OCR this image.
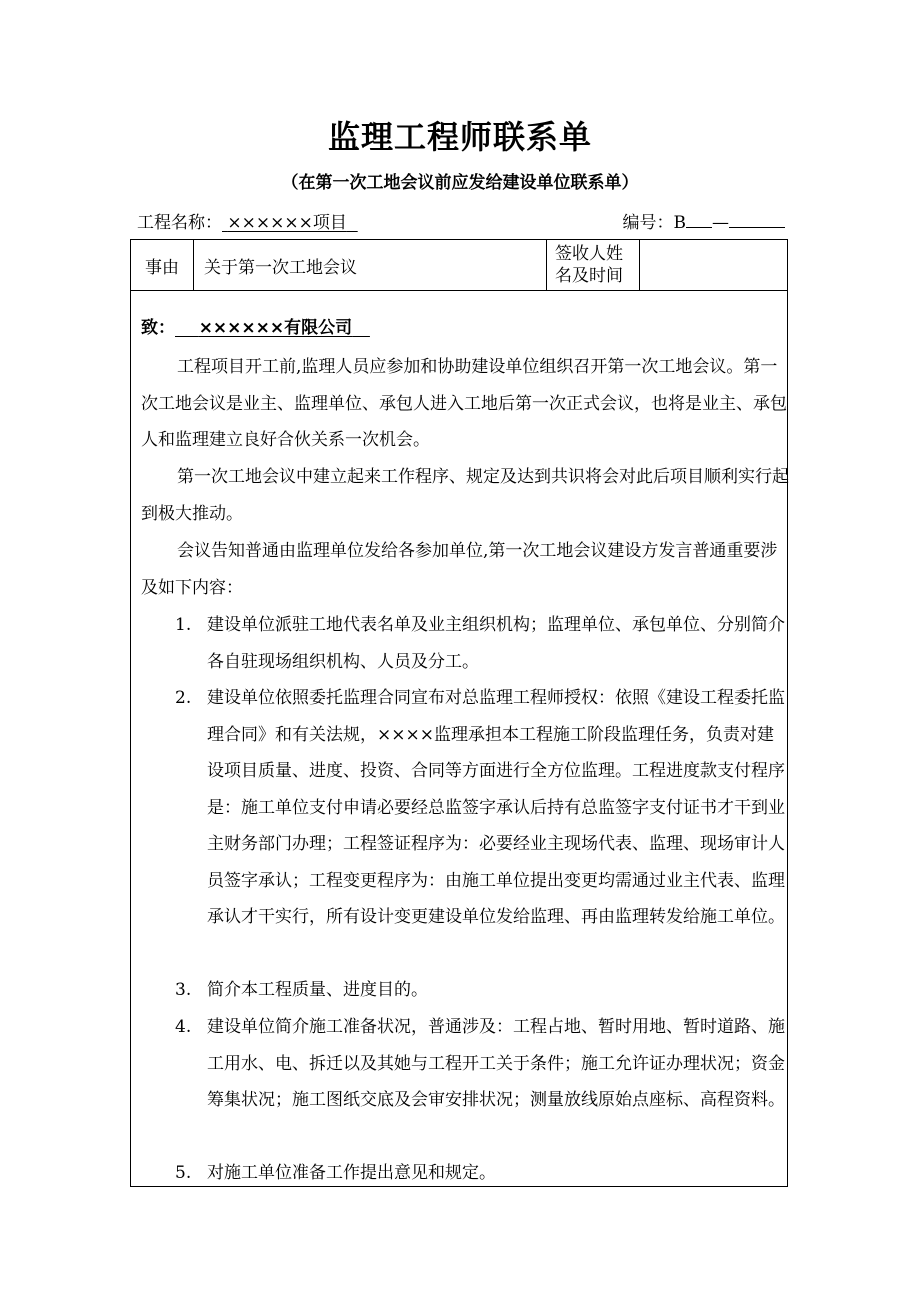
监理工程师联系单
（在第一次工地会议前应发给建设单位联系单）
工程名称： ××××××项目	编号：B —
事由	关于第一次工地会议
签收人姓
名及时间
致： ××××××有限公司
工程项目开工前,监理人员应参加和协助建设单位组织召开第一次工地会议。第一次工地会议是业主、监理单位、承包人进入工地后第一次正式会议，也将是业主、承包人和监理建立良好合伙关系一次机会。
第一次工地会议中建立起来工作程序、规定及达到共识将会对此后项目顺利实行起到极大推动。
会议告知普通由监理单位发给各参加单位,第一次工地会议建设方发言普通重要涉及如下内容：
1. 建设单位派驻工地代表名单及业主组织机构；监理单位、承包单位、分别简介各自驻现场组织机构、人员及分工。
2. 建设单位依照委托监理合同宣布对总监理工程师授权：依照《建设工程委托监理合同》和有关法规，××××监理承担本工程施工阶段监理任务，负责对建设项目质量、进度、投资、合同等方面进行全方位监理。工程进度款支付程序是：施工单位支付申请必要经总监签字承认后持有总监签字支付证书才干到业主财务部门办理；工程签证程序为：必要经业主现场代表、监理、现场审计人员签字承认；工程变更程序为：由施工单位提出变更均需通过业主代表、监理承认才干实行，所有设计变更建设单位发给监理、再由监理转发给施工单位。
3. 简介本工程质量、进度目的。
4. 建设单位简介施工准备状况，普通涉及：工程占地、暂时用地、暂时道路、施工用水、电、拆迁以及其她与工程开工关于条件；施工允许证办理状况；资金筹集状况；施工图纸交底及会审安排状况；测量放线原始点座标、高程资料。
5. 对施工单位准备工作提出意见和规定。
